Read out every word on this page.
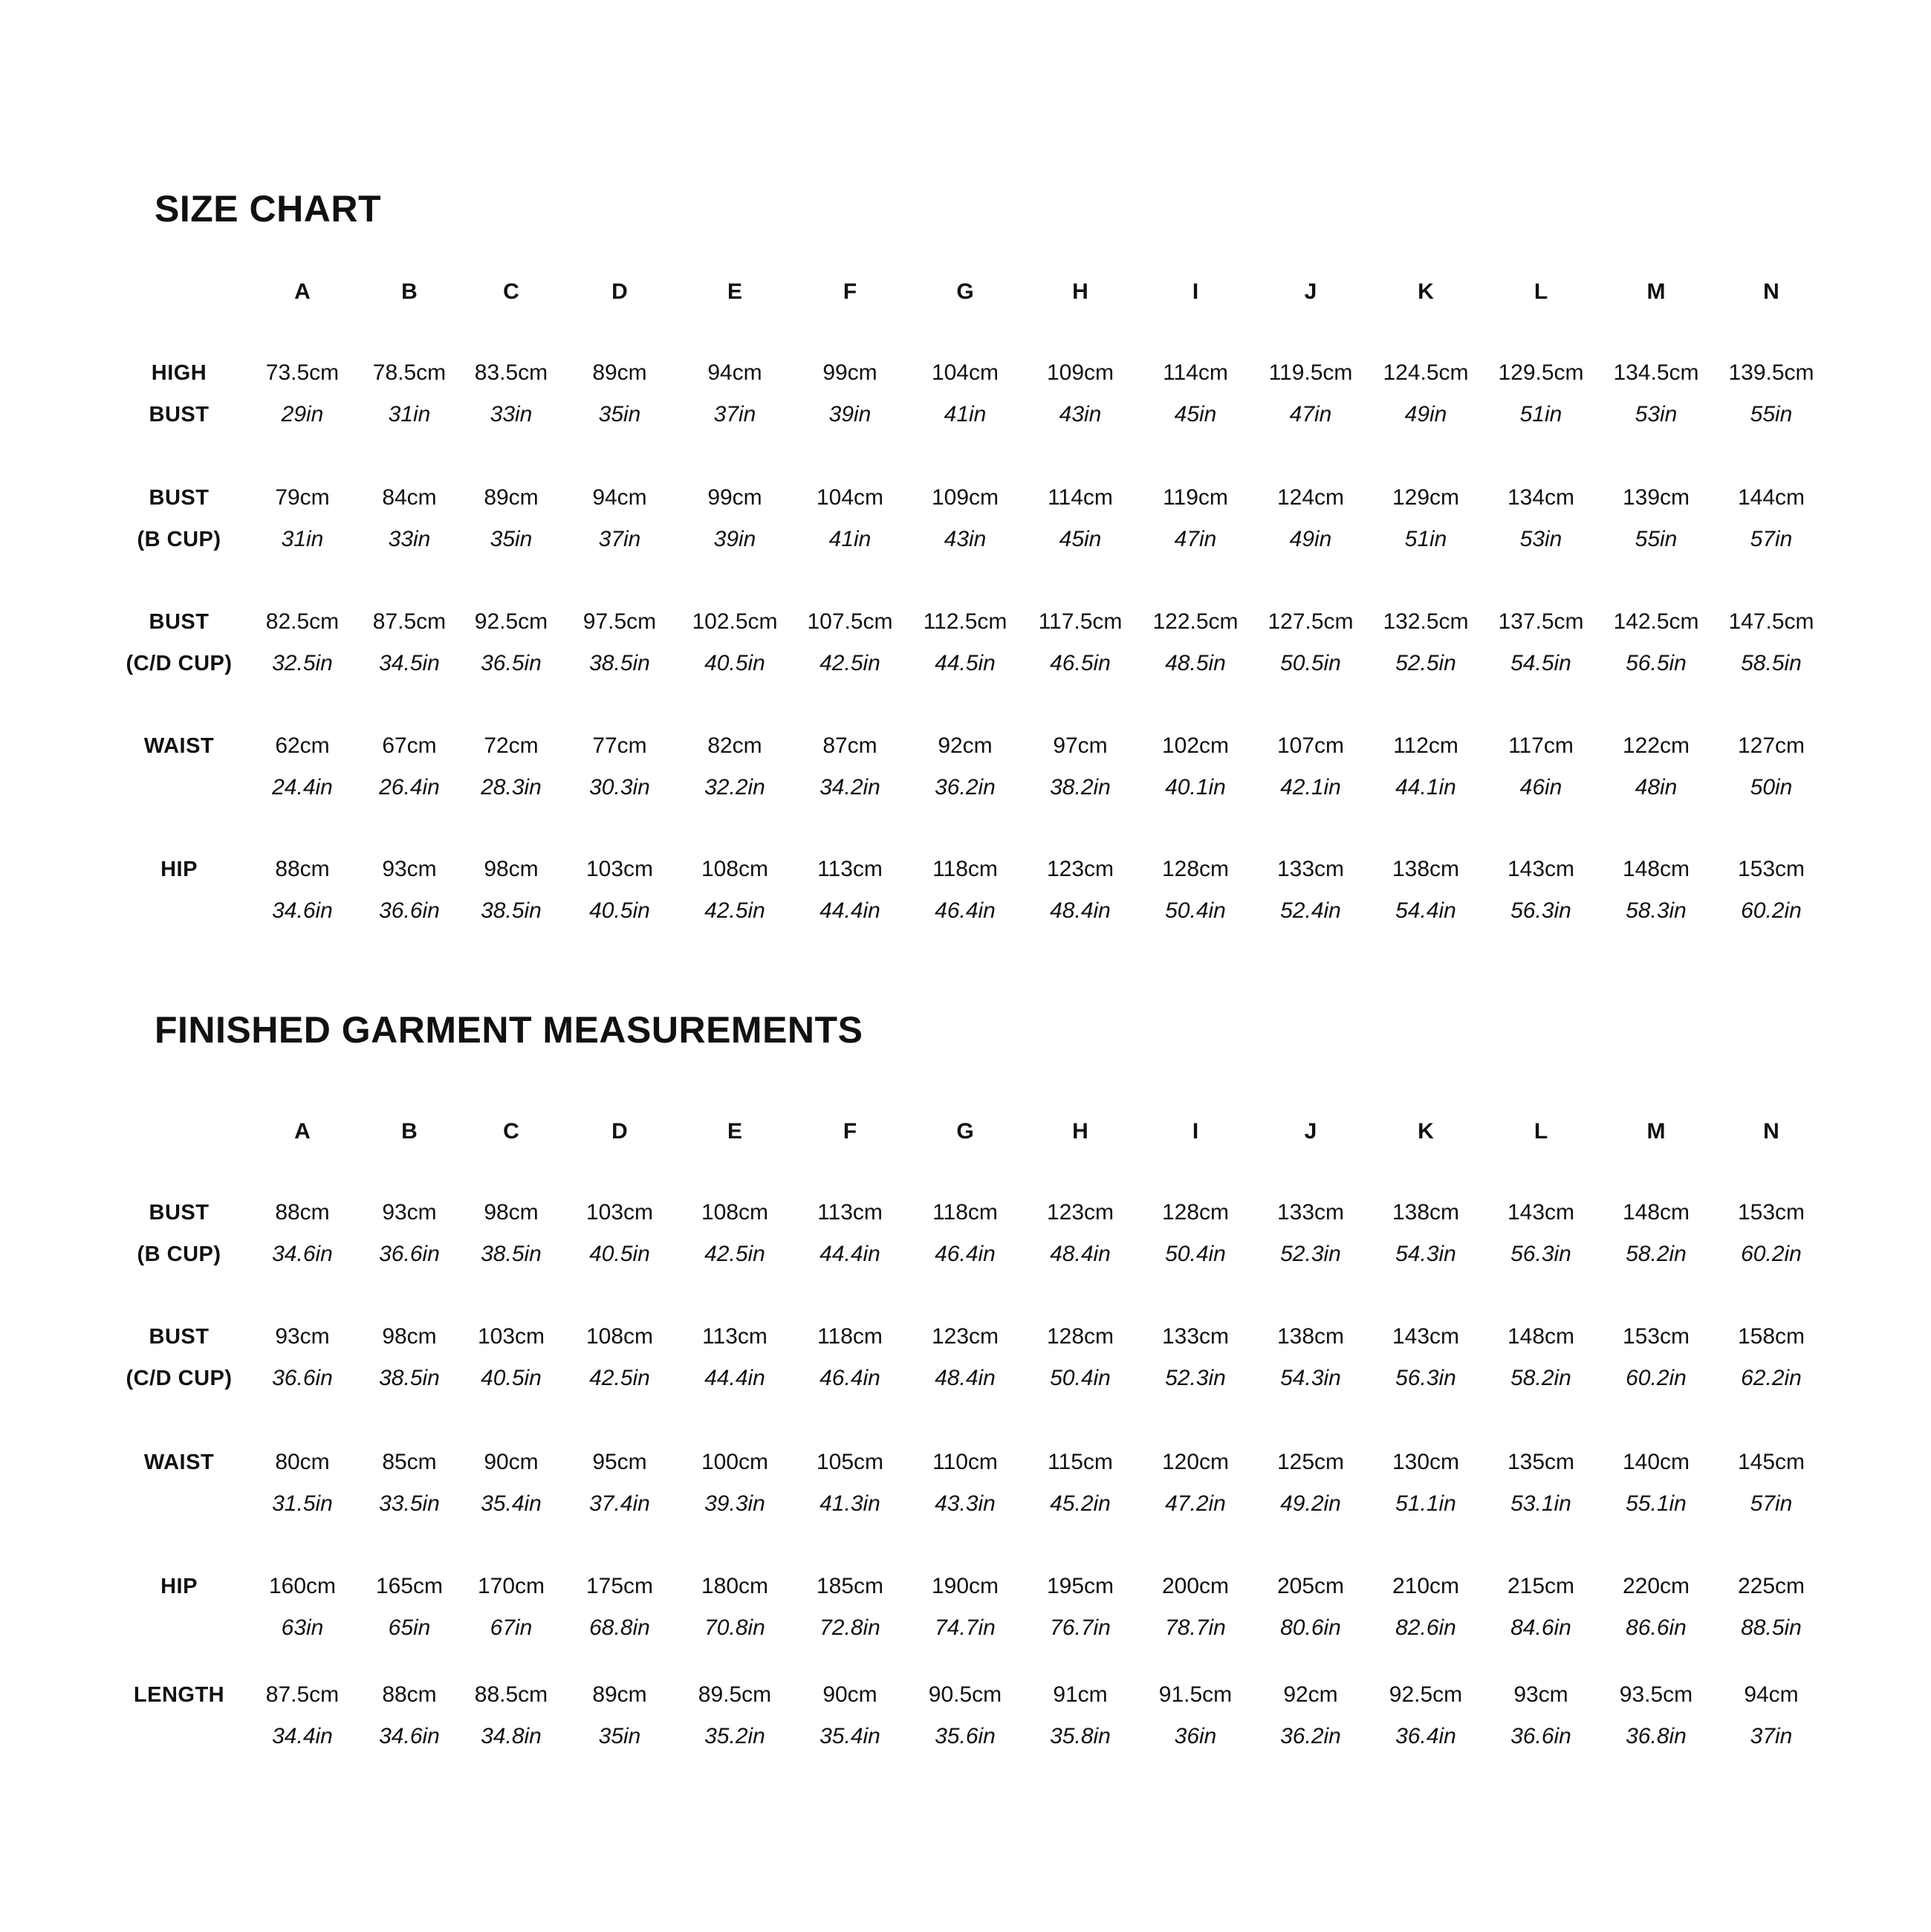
SIZE CHART
A	B	C	D	E	F	G	H	I	J	K	L	M	N
HIGH
BUST
73.5cm	78.5cm	83.5cm	89cm	94cm	99cm	104cm	109cm	114cm	119.5cm	124.5cm	129.5cm	134.5cm	139.5cm
29in	31in	33in	35in	37in	39in	41in	43in	45in	47in	49in	51in	53in	55in
BUST
(B CUP)
79cm	84cm	89cm	94cm	99cm	104cm	109cm	114cm	119cm	124cm	129cm	134cm	139cm	144cm
31in	33in	35in	37in	39in	41in	43in	45in	47in	49in	51in	53in	55in	57in
BUST
(C/D CUP)
82.5cm	87.5cm	92.5cm	97.5cm	102.5cm	107.5cm	112.5cm	117.5cm	122.5cm	127.5cm	132.5cm	137.5cm	142.5cm	147.5cm
32.5in	34.5in	36.5in	38.5in	40.5in	42.5in	44.5in	46.5in	48.5in	50.5in	52.5in	54.5in	56.5in	58.5in
WAIST	62cm	67cm	72cm	77cm	82cm	87cm	92cm	97cm	102cm	107cm	112cm	117cm	122cm	127cm
24.4in	26.4in	28.3in	30.3in	32.2in	34.2in	36.2in	38.2in	40.1in	42.1in	44.1in	46in	48in	50in
HIP	88cm	93cm	98cm	103cm	108cm	113cm	118cm	123cm	128cm	133cm	138cm	143cm	148cm	153cm
34.6in	36.6in	38.5in	40.5in	42.5in	44.4in	46.4in	48.4in	50.4in	52.4in	54.4in	56.3in	58.3in	60.2in
FINISHED GARMENT MEASUREMENTS
A	B	C	D	E	F	G	H	I	J	K	L	M	N
BUST
(B CUP)
88cm	93cm	98cm	103cm	108cm	113cm	118cm	123cm	128cm	133cm	138cm	143cm	148cm	153cm
34.6in	36.6in	38.5in	40.5in	42.5in	44.4in	46.4in	48.4in	50.4in	52.3in	54.3in	56.3in	58.2in	60.2in
BUST
(C/D CUP)
93cm	98cm	103cm	108cm	113cm	118cm	123cm	128cm	133cm	138cm	143cm	148cm	153cm	158cm
36.6in	38.5in	40.5in	42.5in	44.4in	46.4in	48.4in	50.4in	52.3in	54.3in	56.3in	58.2in	60.2in	62.2in
WAIST	80cm	85cm	90cm	95cm	100cm	105cm	110cm	115cm	120cm	125cm	130cm	135cm	140cm	145cm
31.5in	33.5in	35.4in	37.4in	39.3in	41.3in	43.3in	45.2in	47.2in	49.2in	51.1in	53.1in	55.1in	57in
HIP	160cm	165cm	170cm	175cm	180cm	185cm	190cm	195cm	200cm	205cm	210cm	215cm	220cm	225cm
63in	65in	67in	68.8in	70.8in	72.8in	74.7in	76.7in	78.7in	80.6in	82.6in	84.6in	86.6in	88.5in
LENGTH	87.5cm	88cm	88.5cm	89cm	89.5cm	90cm	90.5cm	91cm	91.5cm	92cm	92.5cm	93cm	93.5cm	94cm
34.4in	34.6in	34.8in	35in	35.2in	35.4in	35.6in	35.8in	36in	36.2in	36.4in	36.6in	36.8in	37in
